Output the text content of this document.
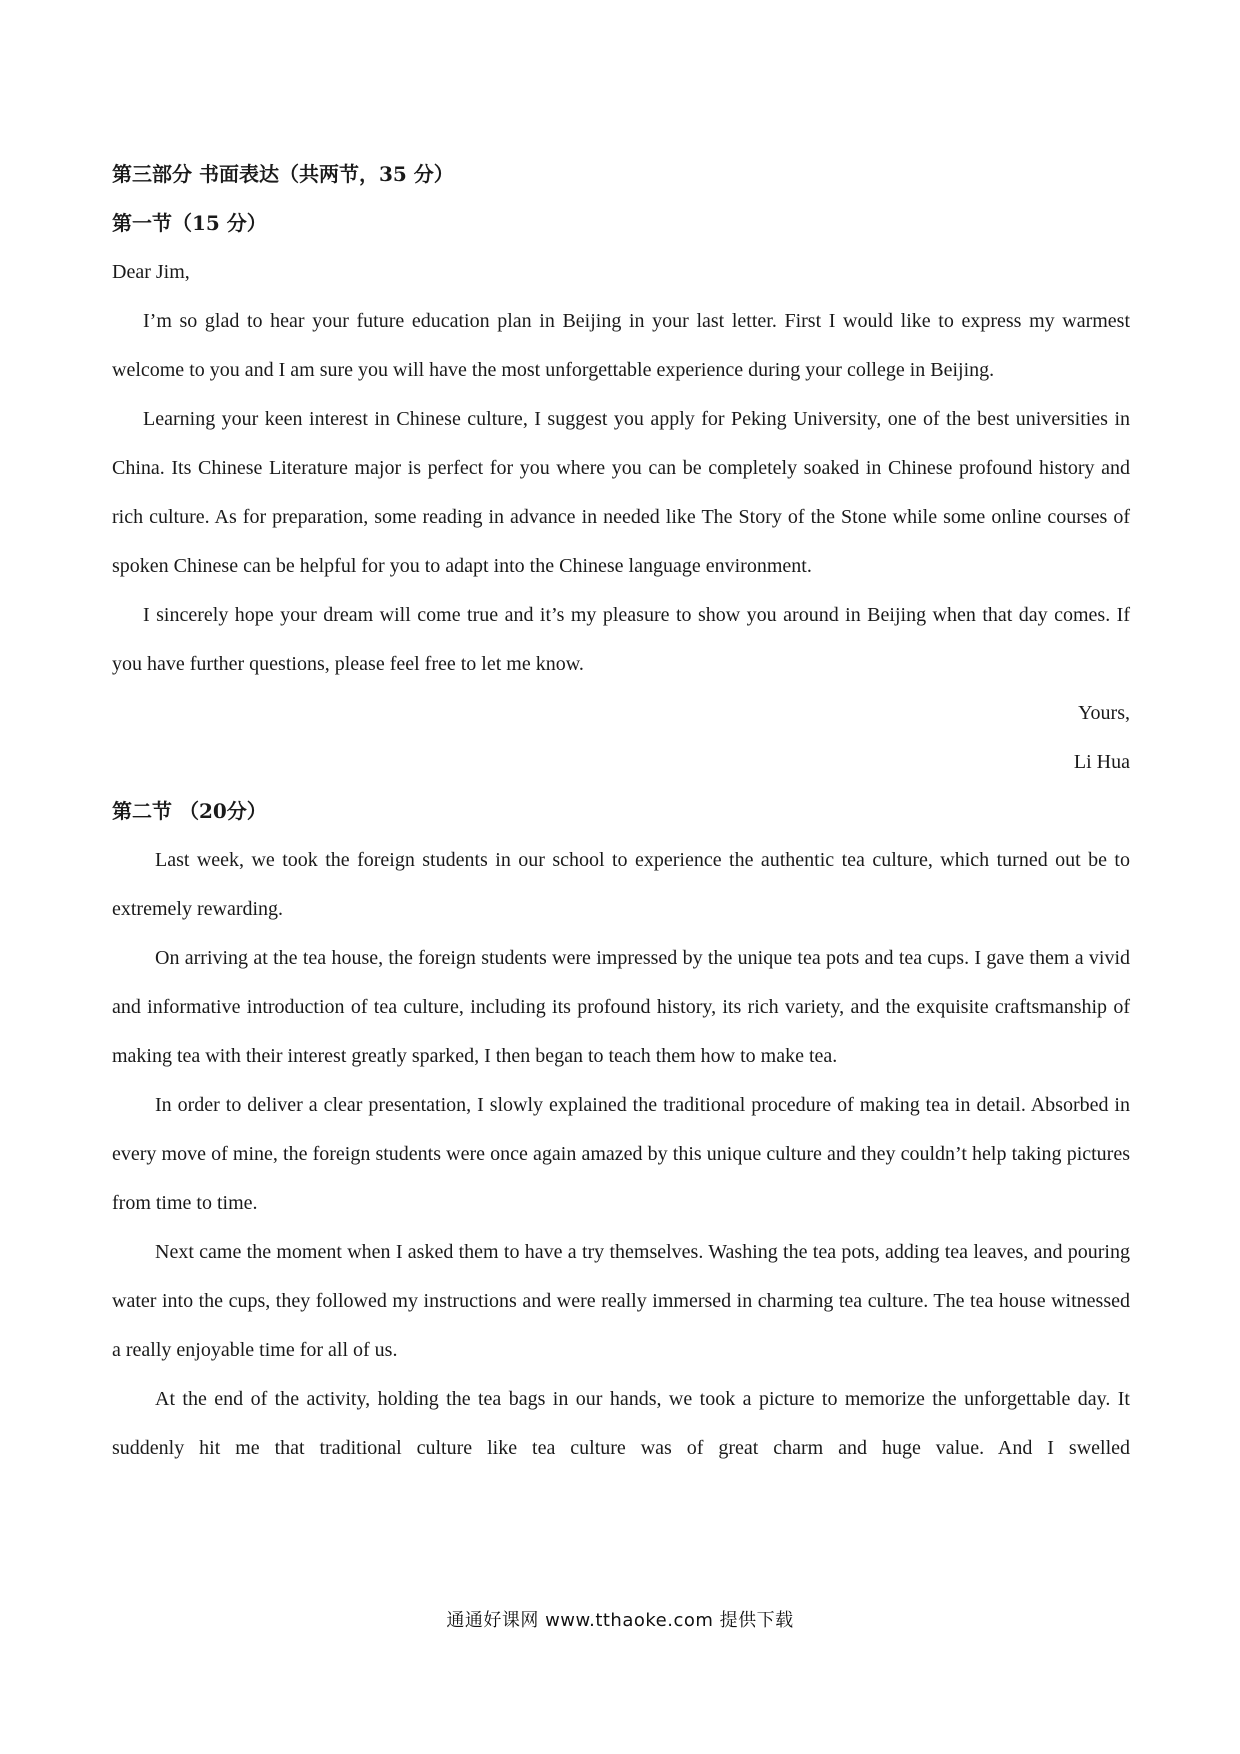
第三部分 书面表达（共两节，35 分）
第一节（15 分）

Dear Jim,

I’m so glad to hear your future education plan in Beijing in your last letter. First I would like to express my warmest welcome to you and I am sure you will have the most unforgettable experience during your college in Beijing.

Learning your keen interest in Chinese culture, I suggest you apply for Peking University, one of the best universities in China. Its Chinese Literature major is perfect for you where you can be completely soaked in Chinese profound history and rich culture. As for preparation, some reading in advance in needed like The Story of the Stone while some online courses of spoken Chinese can be helpful for you to adapt into the Chinese language environment.

I sincerely hope your dream will come true and it’s my pleasure to show you around in Beijing when that day comes. If you have further questions, please feel free to let me know.

Yours,

Li Hua

第二节 （20分）

Last week, we took the foreign students in our school to experience the authentic tea culture, which turned out be to extremely rewarding.

On arriving at the tea house, the foreign students were impressed by the unique tea pots and tea cups. I gave them a vivid and informative introduction of tea culture, including its profound history, its rich variety, and the exquisite craftsmanship of making tea with their interest greatly sparked, I then began to teach them how to make tea.

In order to deliver a clear presentation, I slowly explained the traditional procedure of making tea in detail. Absorbed in every move of mine, the foreign students were once again amazed by this unique culture and they couldn’t help taking pictures from time to time.

Next came the moment when I asked them to have a try themselves. Washing the tea pots, adding tea leaves, and pouring water into the cups, they followed my instructions and were really immersed in charming tea culture. The tea house witnessed a really enjoyable time for all of us.

At the end of the activity, holding the tea bags in our hands, we took a picture to memorize the unforgettable day. It suddenly hit me that traditional culture like tea culture was of great charm and huge value. And I swelled

通通好课网 www.tthaoke.com 提供下载
